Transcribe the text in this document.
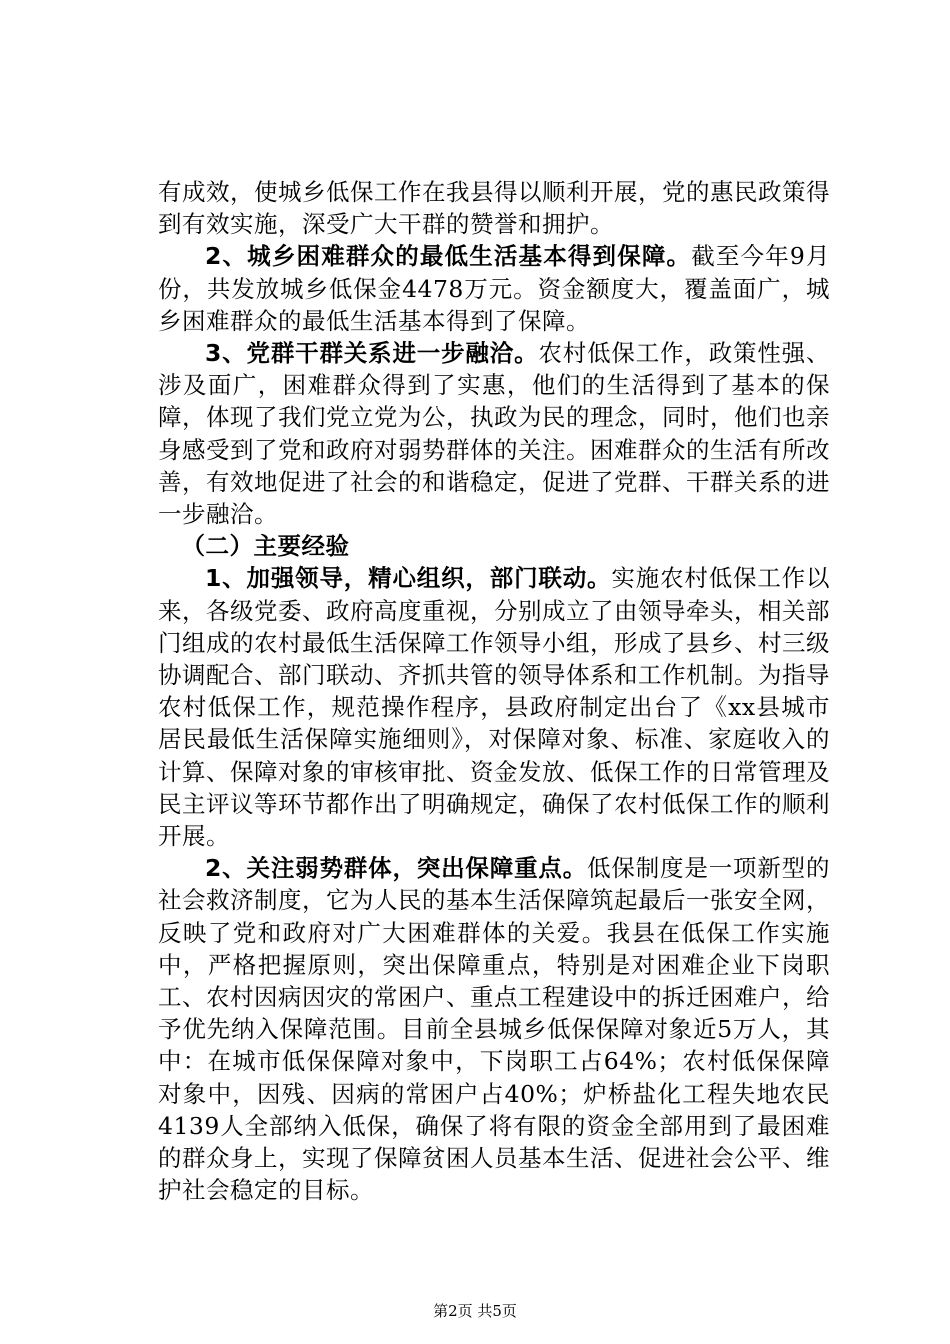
有成效，使城乡低保工作在我县得以顺利开展，党的惠民政策得到有效实施，深受广大干群的赞誉和拥护。

2、城乡困难群众的最低生活基本得到保障。截至今年9月份，共发放城乡低保金4478万元。资金额度大，覆盖面广，城乡困难群众的最低生活基本得到了保障。

3、党群干群关系进一步融洽。农村低保工作，政策性强、涉及面广，困难群众得到了实惠，他们的生活得到了基本的保障，体现了我们党立党为公，执政为民的理念，同时，他们也亲身感受到了党和政府对弱势群体的关注。困难群众的生活有所改善，有效地促进了社会的和谐稳定，促进了党群、干群关系的进一步融洽。

（二）主要经验

1、加强领导，精心组织，部门联动。实施农村低保工作以来，各级党委、政府高度重视，分别成立了由领导牵头，相关部门组成的农村最低生活保障工作领导小组，形成了县乡、村三级协调配合、部门联动、齐抓共管的领导体系和工作机制。为指导农村低保工作，规范操作程序，县政府制定出台了《xx县城市居民最低生活保障实施细则》，对保障对象、标准、家庭收入的计算、保障对象的审核审批、资金发放、低保工作的日常管理及民主评议等环节都作出了明确规定，确保了农村低保工作的顺利开展。

2、关注弱势群体，突出保障重点。低保制度是一项新型的社会救济制度，它为人民的基本生活保障筑起最后一张安全网，反映了党和政府对广大困难群体的关爱。我县在低保工作实施中，严格把握原则，突出保障重点，特别是对困难企业下岗职工、农村因病因灾的常困户、重点工程建设中的拆迁困难户，给予优先纳入保障范围。目前全县城乡低保保障对象近5万人，其中：在城市低保保障对象中，下岗职工占64%；农村低保保障对象中，因残、因病的常困户占40%；炉桥盐化工程失地农民4139人全部纳入低保，确保了将有限的资金全部用到了最困难的群众身上，实现了保障贫困人员基本生活、促进社会公平、维护社会稳定的目标。

第2页 共5页
